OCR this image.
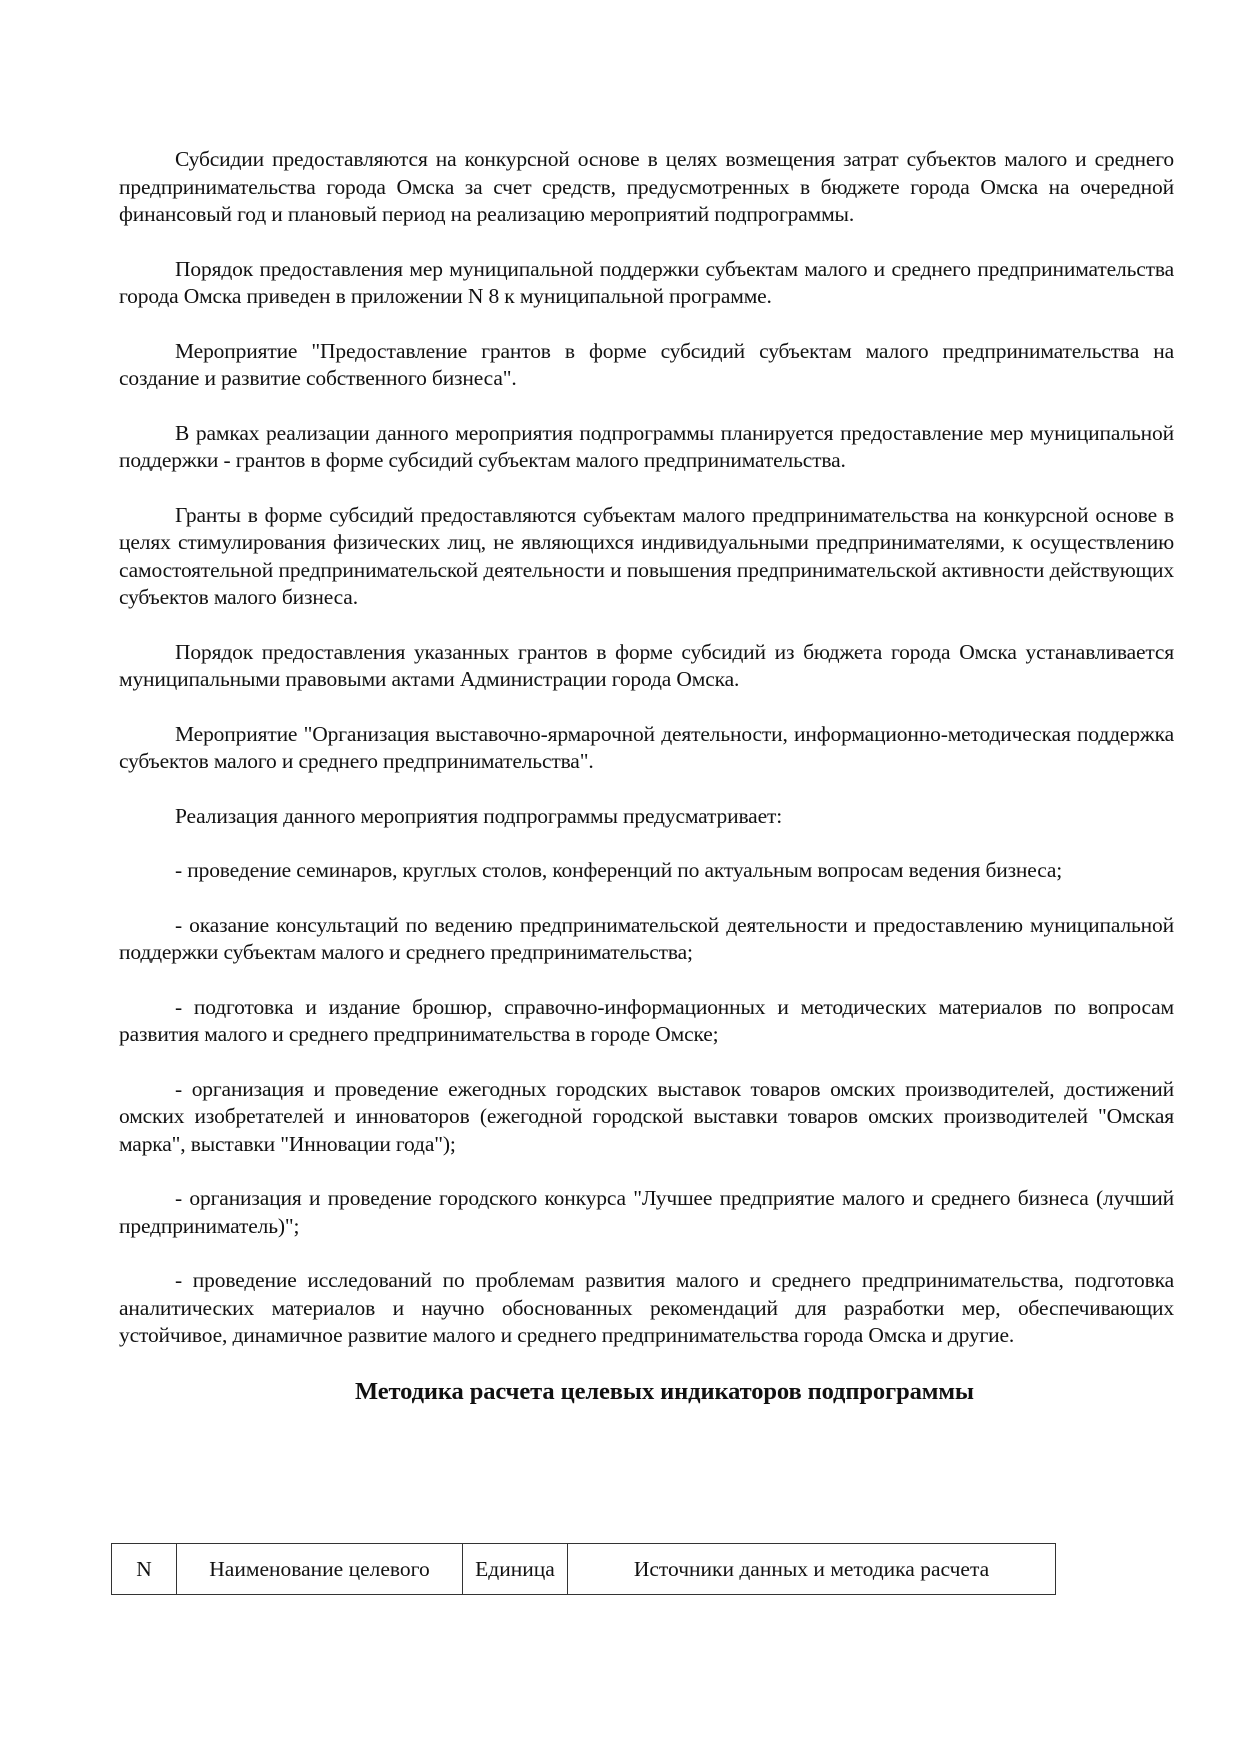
Субсидии предоставляются на конкурсной основе в целях возмещения затрат субъектов малого и среднего предпринимательства города Омска за счет средств, предусмотренных в бюджете города Омска на очередной финансовый год и плановый период на реализацию мероприятий подпрограммы.

Порядок предоставления мер муниципальной поддержки субъектам малого и среднего предпринимательства города Омска приведен в приложении N 8 к муниципальной программе.

Мероприятие "Предоставление грантов в форме субсидий субъектам малого предпринимательства на создание и развитие собственного бизнеса".

В рамках реализации данного мероприятия подпрограммы планируется предоставление мер муниципальной поддержки - грантов в форме субсидий субъектам малого предпринимательства.

Гранты в форме субсидий предоставляются субъектам малого предпринимательства на конкурсной основе в целях стимулирования физических лиц, не являющихся индивидуальными предпринимателями, к осуществлению самостоятельной предпринимательской деятельности и повышения предпринимательской активности действующих субъектов малого бизнеса.

Порядок предоставления указанных грантов в форме субсидий из бюджета города Омска устанавливается муниципальными правовыми актами Администрации города Омска.

Мероприятие "Организация выставочно-ярмарочной деятельности, информационно-методическая поддержка субъектов малого и среднего предпринимательства".

Реализация данного мероприятия подпрограммы предусматривает:

- проведение семинаров, круглых столов, конференций по актуальным вопросам ведения бизнеса;

- оказание консультаций по ведению предпринимательской деятельности и предоставлению муниципальной поддержки субъектам малого и среднего предпринимательства;

- подготовка и издание брошюр, справочно-информационных и методических материалов по вопросам развития малого и среднего предпринимательства в городе Омске;

- организация и проведение ежегодных городских выставок товаров омских производителей, достижений омских изобретателей и инноваторов (ежегодной городской выставки товаров омских производителей "Омская марка", выставки "Инновации года");

- организация и проведение городского конкурса "Лучшее предприятие малого и среднего бизнеса (лучший предприниматель)";

- проведение исследований по проблемам развития малого и среднего предпринимательства, подготовка аналитических материалов и научно обоснованных рекомендаций для разработки мер, обеспечивающих устойчивое, динамичное развитие малого и среднего предпринимательства города Омска и другие.

Методика расчета целевых индикаторов подпрограммы
N	Наименование целевого	Единица	Источники данных и методика расчета
